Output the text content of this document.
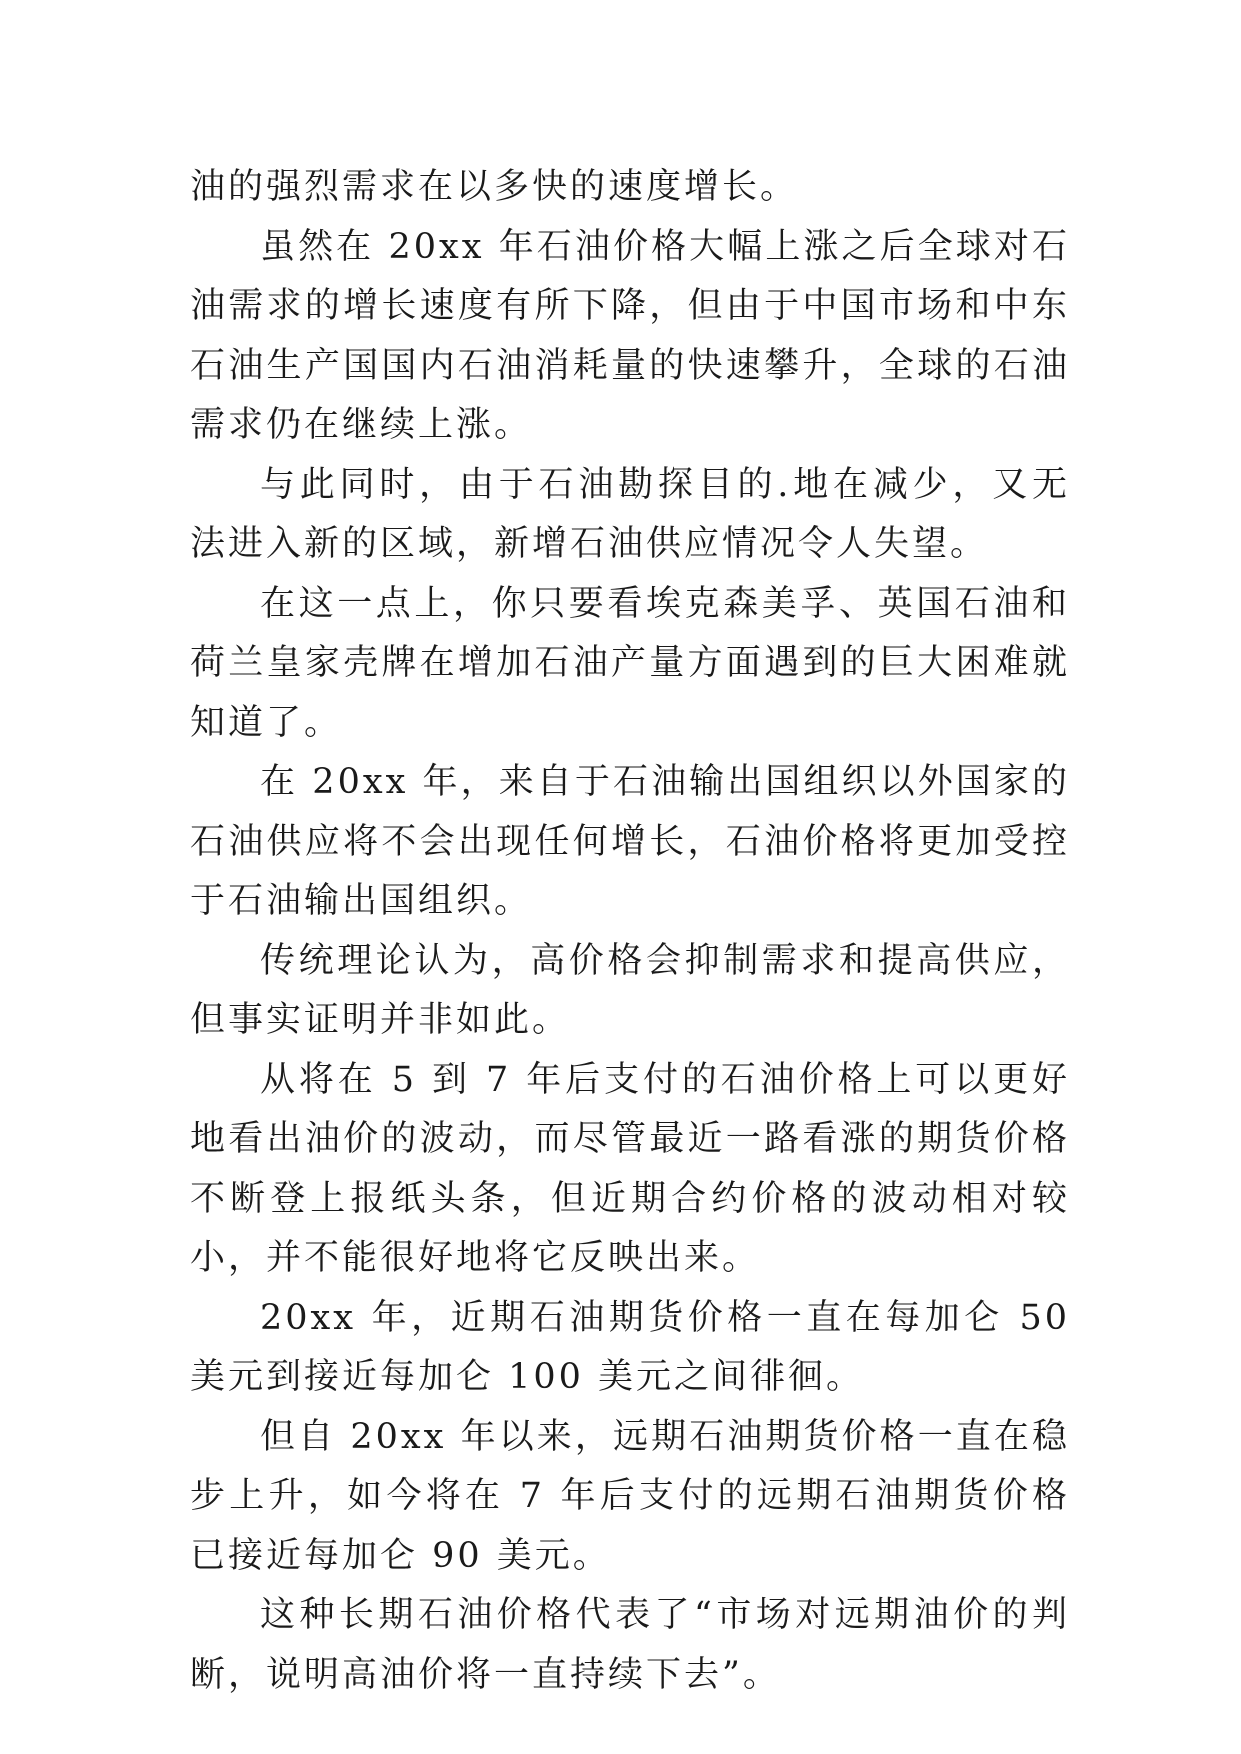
油的强烈需求在以多快的速度增长。

虽然在 20xx 年石油价格大幅上涨之后全球对石油需求的增长速度有所下降，但由于中国市场和中东石油生产国国内石油消耗量的快速攀升，全球的石油需求仍在继续上涨。

与此同时，由于石油勘探目的.地在减少，又无法进入新的区域，新增石油供应情况令人失望。

在这一点上，你只要看埃克森美孚、英国石油和荷兰皇家壳牌在增加石油产量方面遇到的巨大困难就知道了。

在 20xx 年，来自于石油输出国组织以外国家的石油供应将不会出现任何增长，石油价格将更加受控于石油输出国组织。

传统理论认为，高价格会抑制需求和提高供应，但事实证明并非如此。

从将在 5 到 7 年后支付的石油价格上可以更好地看出油价的波动，而尽管最近一路看涨的期货价格不断登上报纸头条，但近期合约价格的波动相对较小，并不能很好地将它反映出来。

20xx 年，近期石油期货价格一直在每加仑 50 美元到接近每加仑 100 美元之间徘徊。

但自 20xx 年以来，远期石油期货价格一直在稳步上升，如今将在 7 年后支付的远期石油期货价格已接近每加仑 90 美元。

这种长期石油价格代表了“市场对远期油价的判断，说明高油价将一直持续下去”。
